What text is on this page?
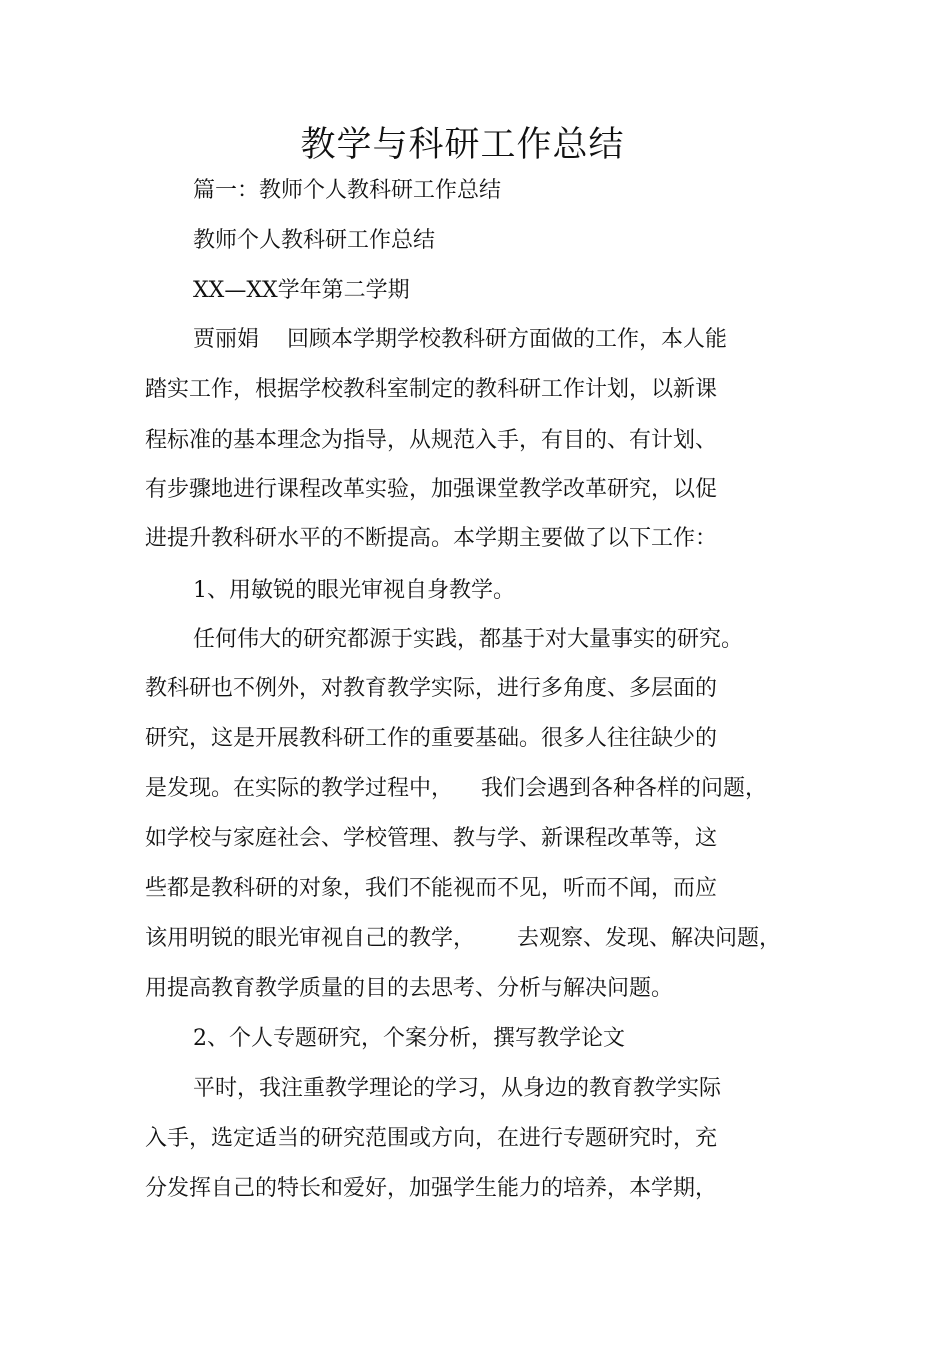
教学与科研工作总结

篇一：教师个人教科研工作总结

教师个人教科研工作总结

XX—XX学年第二学期

贾丽娟    回顾本学期学校教科研方面做的工作，本人能

踏实工作，根据学校教科室制定的教科研工作计划，以新课

程标准的基本理念为指导，从规范入手，有目的、有计划、

有步骤地进行课程改革实验，加强课堂教学改革研究，以促

进提升教科研水平的不断提高。本学期主要做了以下工作：

1、用敏锐的眼光审视自身教学。

任何伟大的研究都源于实践，都基于对大量事实的研究。

教科研也不例外，对教育教学实际，进行多角度、多层面的

研究，这是开展教科研工作的重要基础。很多人往往缺少的

是发现。在实际的教学过程中，    我们会遇到各种各样的问题，

如学校与家庭社会、学校管理、教与学、新课程改革等，这

些都是教科研的对象，我们不能视而不见，听而不闻，而应

该用明锐的眼光审视自己的教学，      去观察、发现、解决问题，

用提高教育教学质量的目的去思考、分析与解决问题。

2、个人专题研究，个案分析，撰写教学论文

平时，我注重教学理论的学习，从身边的教育教学实际

入手，选定适当的研究范围或方向，在进行专题研究时，充

分发挥自己的特长和爱好，加强学生能力的培养，本学期，
